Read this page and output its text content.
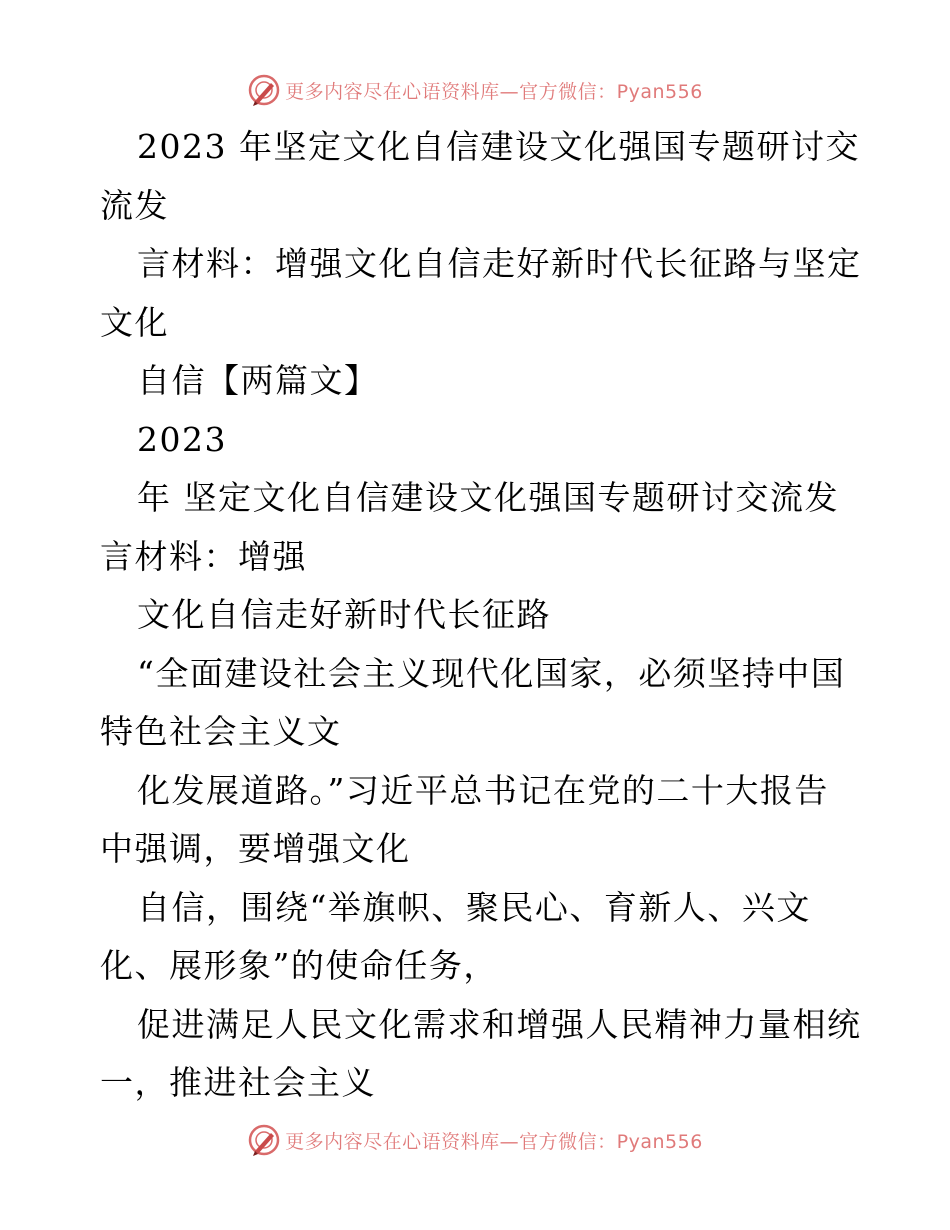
更多内容尽在心语资料库—官方微信：Pyan556
2023 年坚定文化自信建设文化强国专题研讨交
流发
言材料：增强文化自信走好新时代长征路与坚定
文化
自信【两篇文】
2023
年 坚定文化自信建设文化强国专题研讨交流发
言材料：增强
文化自信走好新时代长征路
“全面建设社会主义现代化国家，必须坚持中国
特色社会主义文
化发展道路。”习近平总书记在党的二十大报告
中强调，要增强文化
自信，围绕“举旗帜、聚民心、育新人、兴文
化、展形象”的使命任务，
促进满足人民文化需求和增强人民精神力量相统
一，推进社会主义
更多内容尽在心语资料库—官方微信：Pyan556
